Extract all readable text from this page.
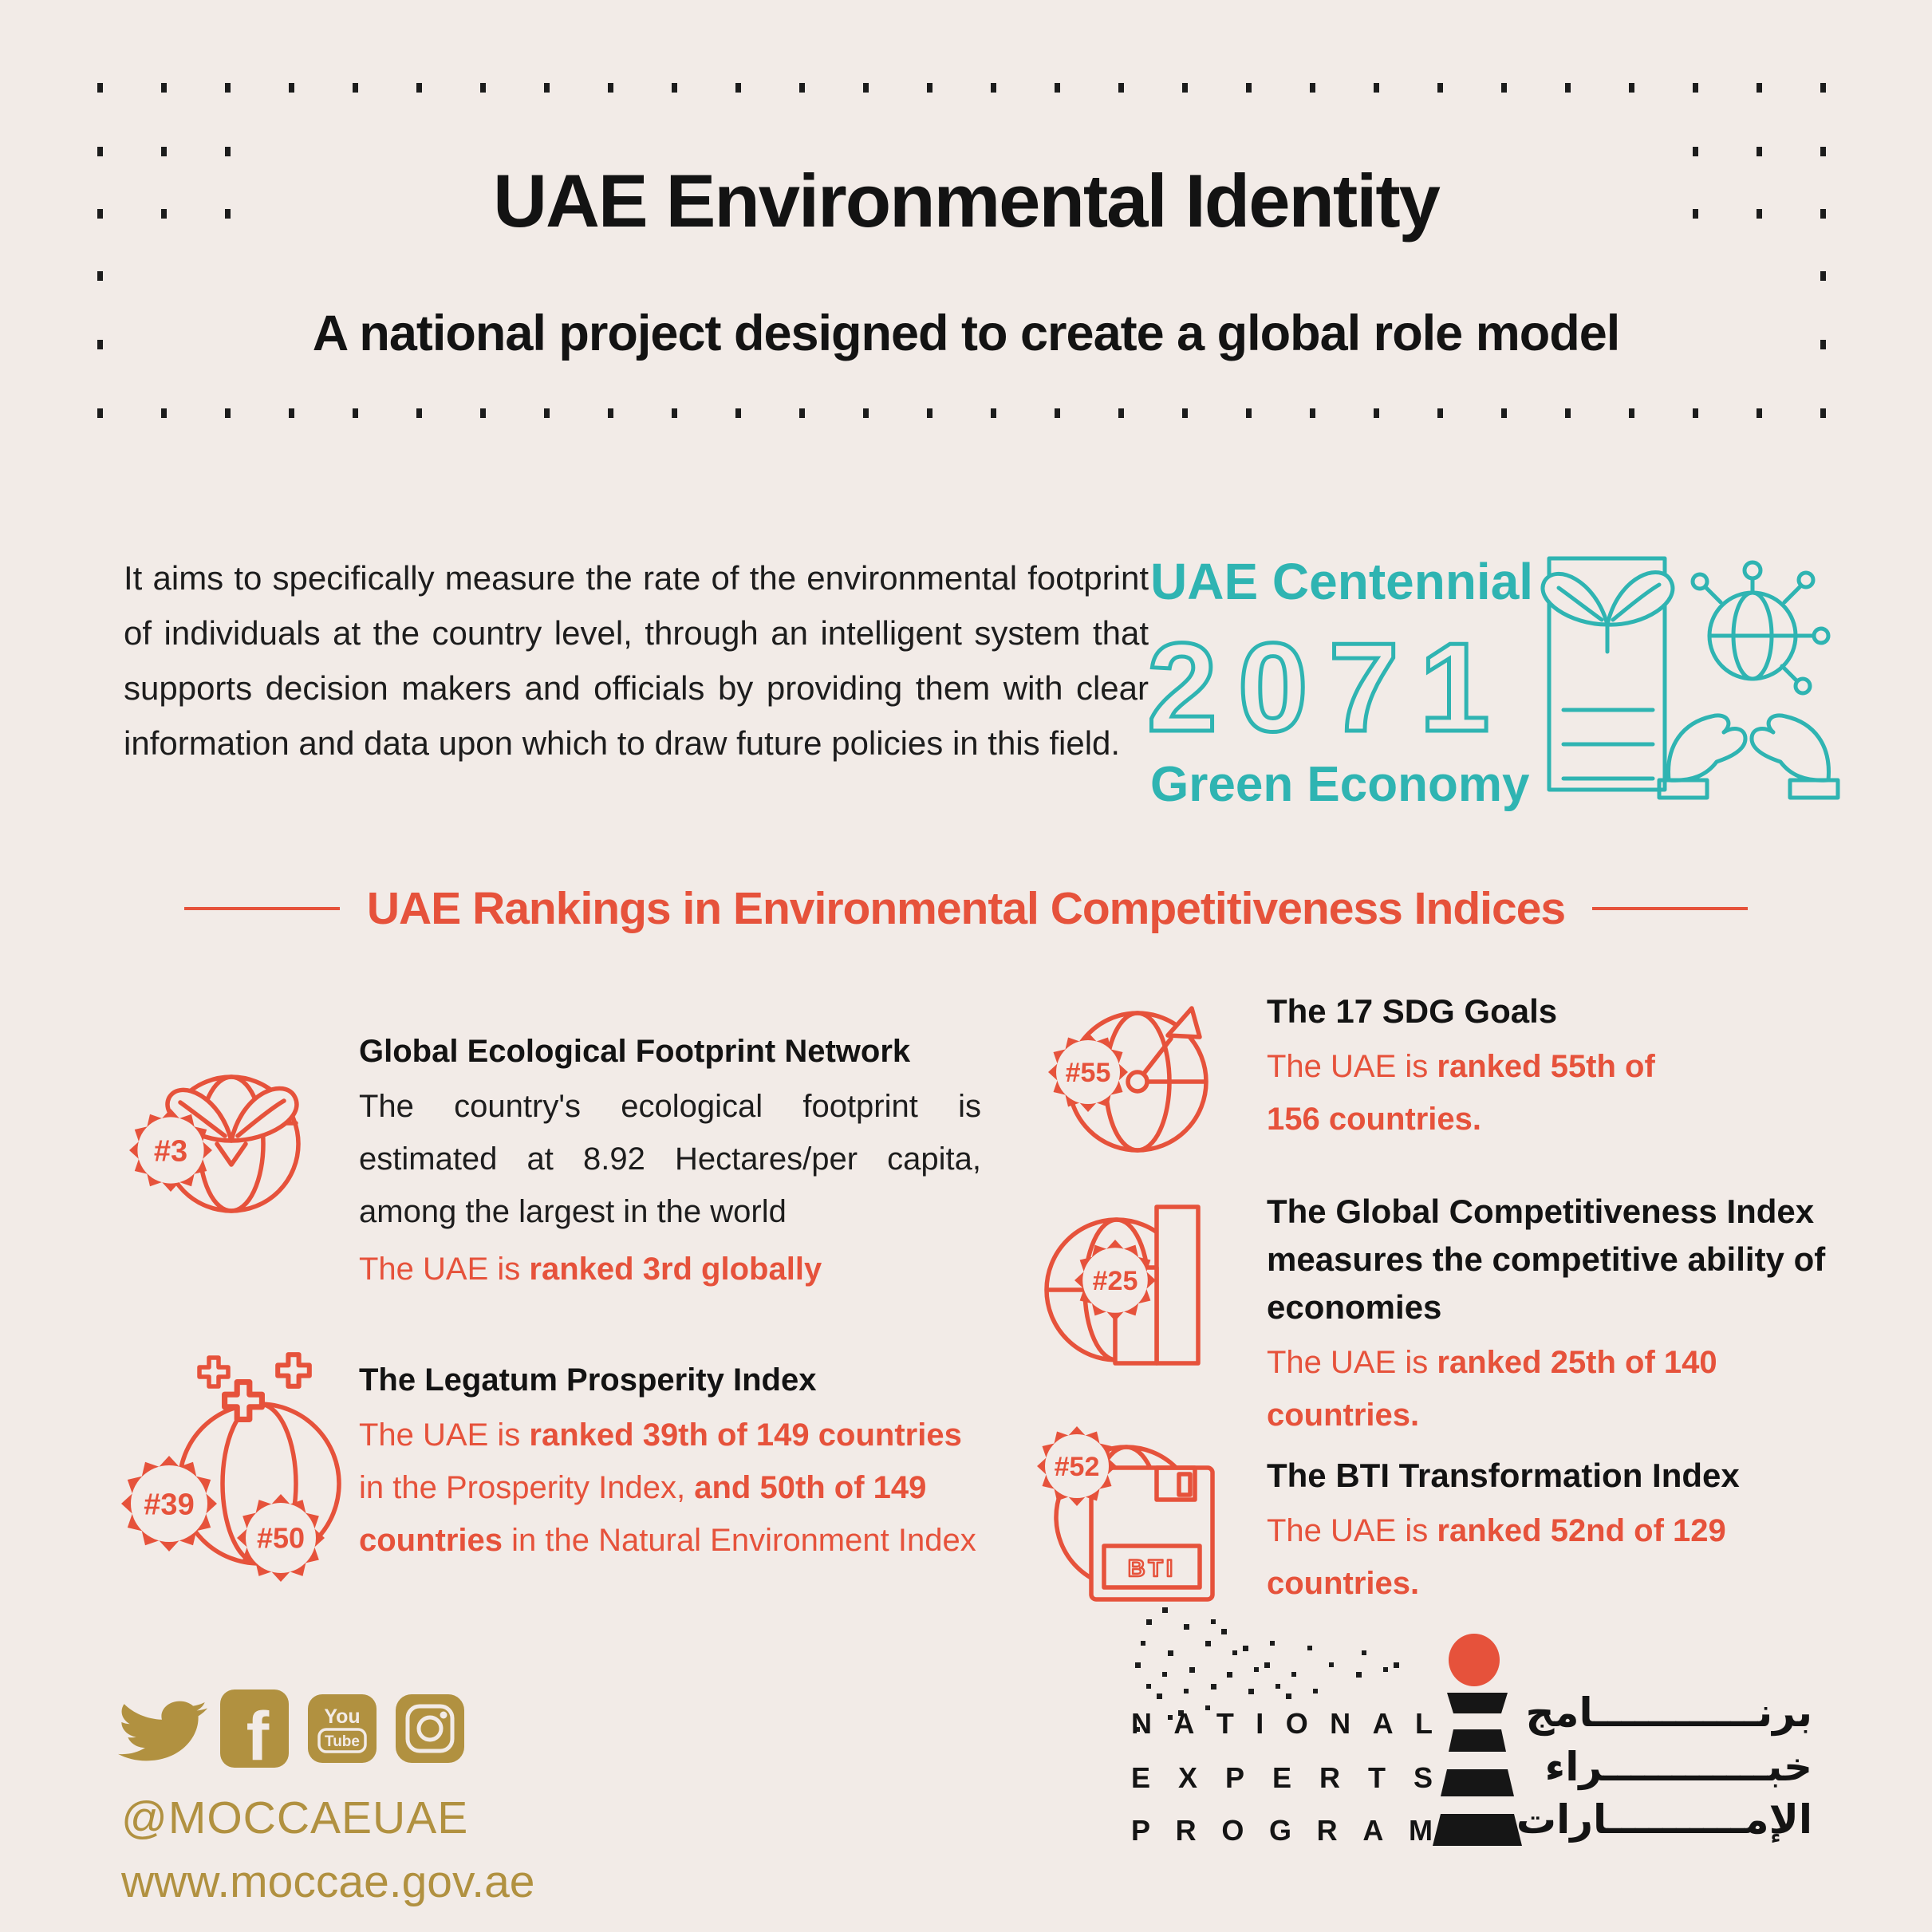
UAE Environmental Identity
A national project designed to create a global role model
It aims to specifically measure the rate of the environmental footprint of individuals at the country level, through an intelligent system that supports decision makers and officials by providing them with clear information and data upon which to draw future policies in this field.
UAE Centennial
2071
Green Economy
UAE Rankings in Environmental Competitiveness Indices
#3
Global Ecological Footprint Network

The country's ecological footprint is estimated at 8.92 Hectares/per capita, among the largest in the world

The UAE is ranked 3rd globally

#39
#50
The Legatum Prosperity Index

The UAE is ranked 39th of 149 countries
in the Prosperity Index, and 50th of 149
countries in the Natural Environment Index

#55
The 17 SDG Goals

The UAE is ranked 55th of
156 countries.

#25
The Global Competitiveness Index measures the competitive ability of economies

The UAE is ranked 25th of 140
countries.

BTI
#52	The BTI Transformation Index

The UAE is ranked 52nd of 129
countries.

f	You
Tube
@MOCCAEUAE
www.moccae.gov.ae
N A T I O N A L
E X P E R T S
P R O G R A M
برنــــــــــــامج
خبــــــــــــراء
الإمــــــــــارات
